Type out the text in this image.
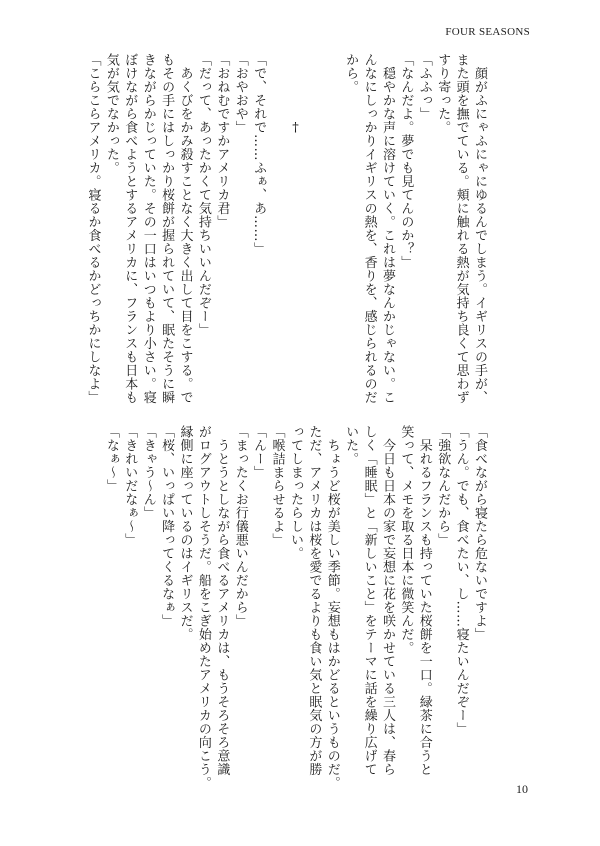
FOUR SEASONS
　顔がふにゃふにゃにゆるんでしまう。イギリスの手が、
また頭を撫でている。頬に触れる熱が気持ち良くて思わず
すり寄った。
「ふふっ」
「なんだよ。夢でも見てんのか？」
　穏やかな声に溶けていく。これは夢なんかじゃない。こ
んなにしっかりイギリスの熱を、香りを、感じられるのだ
から。
　　　　　†
「で、それで……ふぁ、あ……」
「おやおや」
「おねむですかアメリカ君」
「だって、あったかくて気持ちいいんだぞー」
　あくびをかみ殺すことなく大きく出して目をこする。で
もその手にはしっかり桜餅が握られていて、眠たそうに瞬
きながらかじっていた。その一口はいつもより小さい。寝
ぼけながら食べようとするアメリカに、フランスも日本も
気が気でなかった。
「こらこらアメリカ。寝るか食べるかどっちかにしなよ」
「食べながら寝たら危ないですよ」
「うん。でも、食べたい、し……寝たいんだぞー」
「強欲なんだから」
　呆れるフランスも持っていた桜餅を一口。緑茶に合うと
笑って、メモを取る日本に微笑んだ。
　今日も日本の家で妄想に花を咲かせている三人は、春ら
しく「睡眠」と「新しいこと」をテーマに話を繰り広げて
いた。
　ちょうど桜が美しい季節。妄想もはかどるというものだ。
ただ、アメリカは桜を愛でるよりも食い気と眠気の方が勝
ってしまったらしい。
「喉詰まらせるよ」
「んー」
「まったくお行儀悪いんだから」
　うとうとしながら食べるアメリカは、もうそろそろ意識
がログアウトしそうだ。船をこぎ始めたアメリカの向こう。
縁側に座っているのはイギリスだ。
「桜、いっぱい降ってくるなぁ」
「きゃう～ん」
「きれいだなぁ～」
「なぁ～」
10
